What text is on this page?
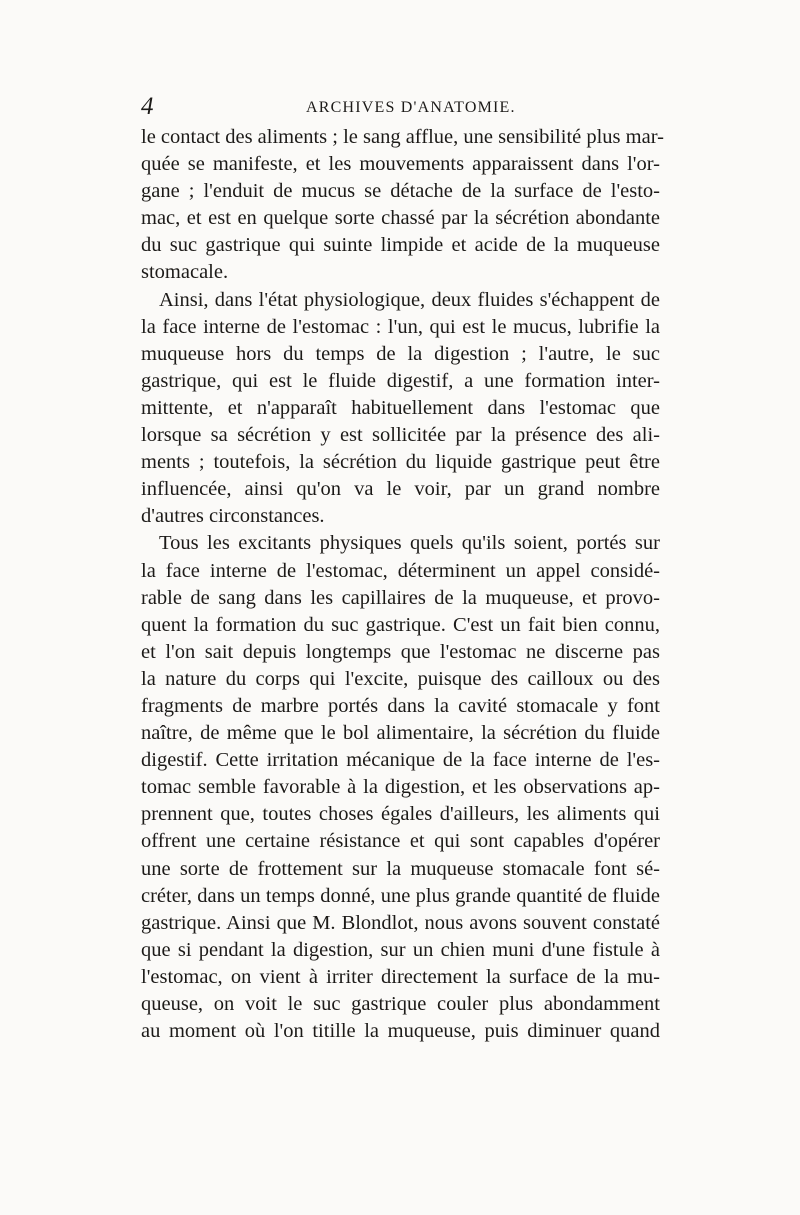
4	ARCHIVES D'ANATOMIE.
le contact des aliments ; le sang afflue, une sensibilité plus mar-
quée se manifeste, et les mouvements apparaissent dans l'or-
gane ; l'enduit de mucus se détache de la surface de l'esto-
mac, et est en quelque sorte chassé par la sécrétion abondante
du suc gastrique qui suinte limpide et acide de la muqueuse
stomacale.
Ainsi, dans l'état physiologique, deux fluides s'échappent de
la face interne de l'estomac : l'un, qui est le mucus, lubrifie la
muqueuse hors du temps de la digestion ; l'autre, le suc
gastrique, qui est le fluide digestif, a une formation inter-
mittente, et n'apparaît habituellement dans l'estomac que
lorsque sa sécrétion y est sollicitée par la présence des ali-
ments ; toutefois, la sécrétion du liquide gastrique peut être
influencée, ainsi qu'on va le voir, par un grand nombre
d'autres circonstances.
Tous les excitants physiques quels qu'ils soient, portés sur
la face interne de l'estomac, déterminent un appel considé-
rable de sang dans les capillaires de la muqueuse, et provo-
quent la formation du suc gastrique. C'est un fait bien connu,
et l'on sait depuis longtemps que l'estomac ne discerne pas
la nature du corps qui l'excite, puisque des cailloux ou des
fragments de marbre portés dans la cavité stomacale y font
naître, de même que le bol alimentaire, la sécrétion du fluide
digestif. Cette irritation mécanique de la face interne de l'es-
tomac semble favorable à la digestion, et les observations ap-
prennent que, toutes choses égales d'ailleurs, les aliments qui
offrent une certaine résistance et qui sont capables d'opérer
une sorte de frottement sur la muqueuse stomacale font sé-
créter, dans un temps donné, une plus grande quantité de fluide
gastrique. Ainsi que M. Blondlot, nous avons souvent constaté
que si pendant la digestion, sur un chien muni d'une fistule à
l'estomac, on vient à irriter directement la surface de la mu-
queuse, on voit le suc gastrique couler plus abondamment
au moment où l'on titille la muqueuse, puis diminuer quand
